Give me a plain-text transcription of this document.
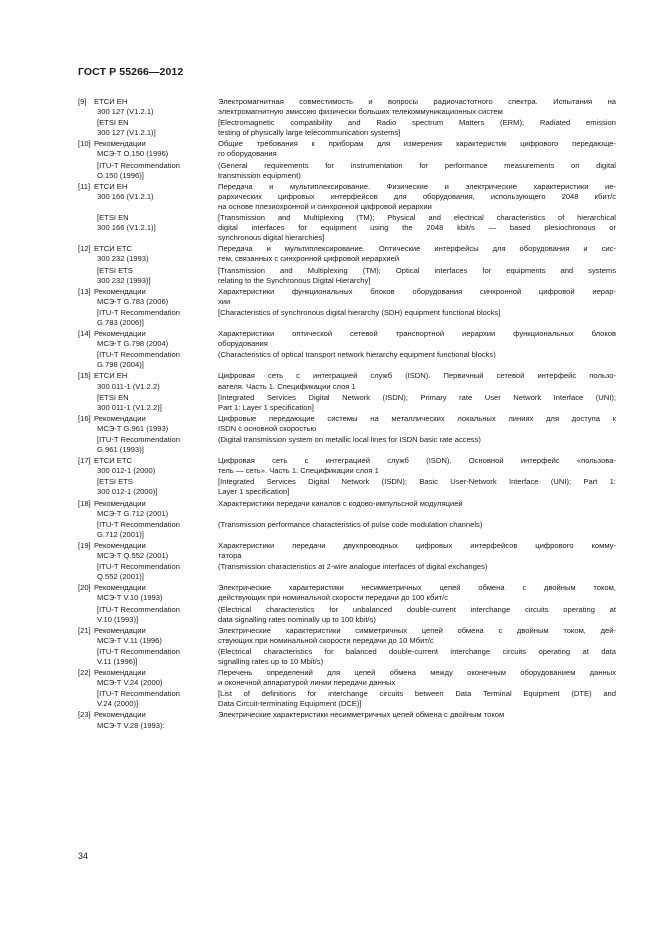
ГОСТ Р 55266—2012
[9] ЕТСИ ЕН
300 127 (V1.2.1)
Электромагнитная совместимость и вопросы радиочастотного спектра. Испытания на
электромагнитную эмиссию физически больших телекоммуникационных систем
[ETSI EN
300 127 (V1.2.1)]
[Electromagnetic compatibility and Radio spectrum Matters (ERM); Radiated emission
testing of physically large telecommunication systems]
[10] Рекомендации
МСЭ-Т О.150 (1996)
Общие требования к приборам для измерения характеристик цифрового передающе-
го оборудования
[ITU-T Recommendation
О.150 (1996)]
(General requirements for instrumentation for performance measurements on digital
transmission equipment)
[11] ЕТСИ ЕН
300 166 (V1.2.1)
Передача и мультиплексирование. Физические и электрические характеристики ие-
рархических цифровых интерфейсов для оборудования, использующего 2048 кбит/с
на основе плезиохронной и синхронной цифровой иерархии
[ETSI EN
300 166 (V1.2.1)]
[Transmission and Multiplexing (TM); Physical and electrical characteristics of hierarchical
digital interfaces for equipment using the 2048 kbit/s — based plesiochronous or
synchronous digital hierarchies]
[12] ЕТСИ ЕТС
300 232 (1993)
Передача и мультиплексирование. Оптические интерфейсы для оборудования и сис-
тем, связанных с синхронной цифровой иерархией
[ETSI ETS
300 232 (1993)]
[Transmission and Multiplexing (TM); Optical interfaces for equipments and systems
relating to the Synchronous Digital Hierarchy]
[13] Рекомендации
МСЭ-Т G.783 (2006)
Характеристики функциональных блоков оборудования синхронной цифровой иерар-
хии
[ITU-T Recommendation
G.783 (2006)]
[Characteristics of synchronous digital hierarchy (SDH) equipment functional blocks]
[14] Рекомендации
МСЭ-Т G.798 (2004)
Характеристики оптической сетевой транспортной иерархии функциональных блоков
оборудования
[ITU-T Recommendation
G.798 (2004)]
(Characteristics of optical transport network hierarchy equipment functional blocks)
[15] ЕТСИ ЕН
300 011-1 (V1.2.2)
Цифровая сеть с интеграцией служб (ISDN). Первичный сетевой интерфейс пользо-
вателя. Часть 1. Спецификации слоя 1
[ETSI EN
300 011-1 (V1.2.2)]
[Integrated Services Digital Network (ISDN); Primary rate User Network Interface (UNI);
Part 1: Layer 1 specification]
[16] Рекомендации
МСЭ-Т G.961 (1993)
Цифровые передающие системы на металлических локальных линиях для доступа к
ISDN с основной скоростью
[ITU-T Recommendation
G.961 (1993)]
(Digital transmission system on metallic local lines for ISDN basic rate access)
[17] ЕТСИ ЕТС
300 012-1 (2000)
Цифровая сеть с интеграцией служб (ISDN). Основной интерфейс «пользова-
тель — сеть». Часть 1. Спецификации слоя 1
[ETSI ETS
300 012-1 (2000)]
[Integrated Services Digital Network (ISDN); Basic User-Network Interface (UNI); Part 1:
Layer 1 specification]
[18] Рекомендации
МСЭ-Т G.712 (2001)
Характеристики передачи каналов с кодово-импульсной модуляцией
[ITU-T Recommendation
G.712 (2001)]
(Transmission performance characteristics of pulse code modulation channels)
[19] Рекомендации
МСЭ-Т Q.552 (2001)
Характеристики передачи двухпроводных цифровых интерфейсов цифрового комму-
татора
[ITU-T Recommendation
Q.552 (2001)]
(Transmission characteristics at 2-wire analogue interfaces of digital exchanges)
[20] Рекомендации
МСЭ-Т V.10 (1993)
Электрические характеристики несимметричных цепей обмена с двойным током,
действующих при номинальной скорости передачи до 100 кбит/с
[ITU-T Recommendation
V.10 (1993)]
(Electrical characteristics for unbalanced double-current interchange circuits operating at
data signalling rates nominally up to 100 kbit/s)
[21] Рекомендации
МСЭ-Т V.11 (1996)
Электрические характеристики симметричных цепей обмена с двойным током, дей-
ствующих при номинальной скорости передачи до 10 Мбит/с
[ITU-T Recommendation
V.11 (1996)]
(Electrical characteristics for balanced double-current interchange circuits operating at data
signalling rates up to 10 Mbit/s)
[22] Рекомендации
МСЭ-Т V.24 (2000)
Перечень определений для цепей обмена между оконечным оборудованием данных
и оконечной аппаратурой линии передачи данных
[ITU-T Recommendation
V.24 (2000)]
[List of definitions for interchange circuits between Data Terminal Equipment (DTE) and
Data Circuit-terminating Equipment (DCE)]
[23] Рекомендации
МСЭ-Т V.28 (1993):
Электрические характеристики несимметричных цепей обмена с двойным током
34
